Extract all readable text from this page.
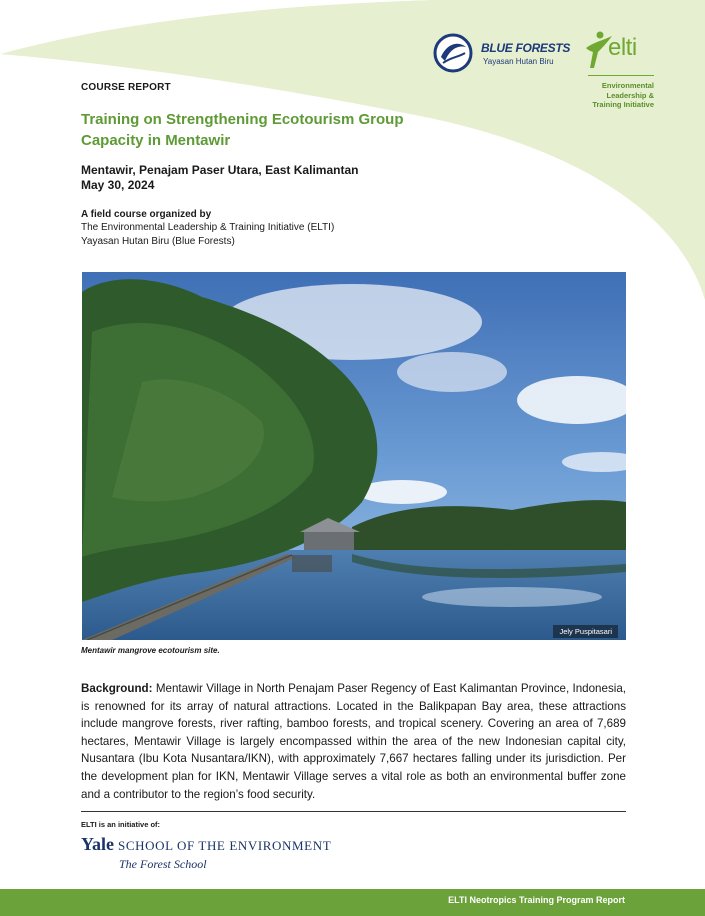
BLUE FORESTS
Yayasan Hutan Biru
elti
Environmental
Leadership &
Training Initiative
COURSE REPORT
Training on Strengthening Ecotourism Group Capacity in Mentawir
Mentawir, Penajam Paser Utara, East Kalimantan
May 30, 2024
A field course organized by
The Environmental Leadership & Training Initiative (ELTI)
Yayasan Hutan Biru (Blue Forests)
Jely Puspitasari
Mentawir mangrove ecotourism site.

Background: Mentawir Village in North Penajam Paser Regency of East Kalimantan Province, Indonesia, is renowned for its array of natural attractions. Located in the Balikpapan Bay area, these attractions include mangrove forests, river rafting, bamboo forests, and tropical scenery. Covering an area of 7,689 hectares, Mentawir Village is largely encompassed within the area of the new Indonesian capital city, Nusantara (Ibu Kota Nusantara/IKN), with approximately 7,667 hectares falling under its jurisdiction. Per the development plan for IKN, Mentawir Village serves a vital role as both an environmental buffer zone and a contributor to the region’s food security.

ELTI is an initiative of:
Yale SCHOOL OF THE ENVIRONMENT
The Forest School
ELTI Neotropics Training Program Report
